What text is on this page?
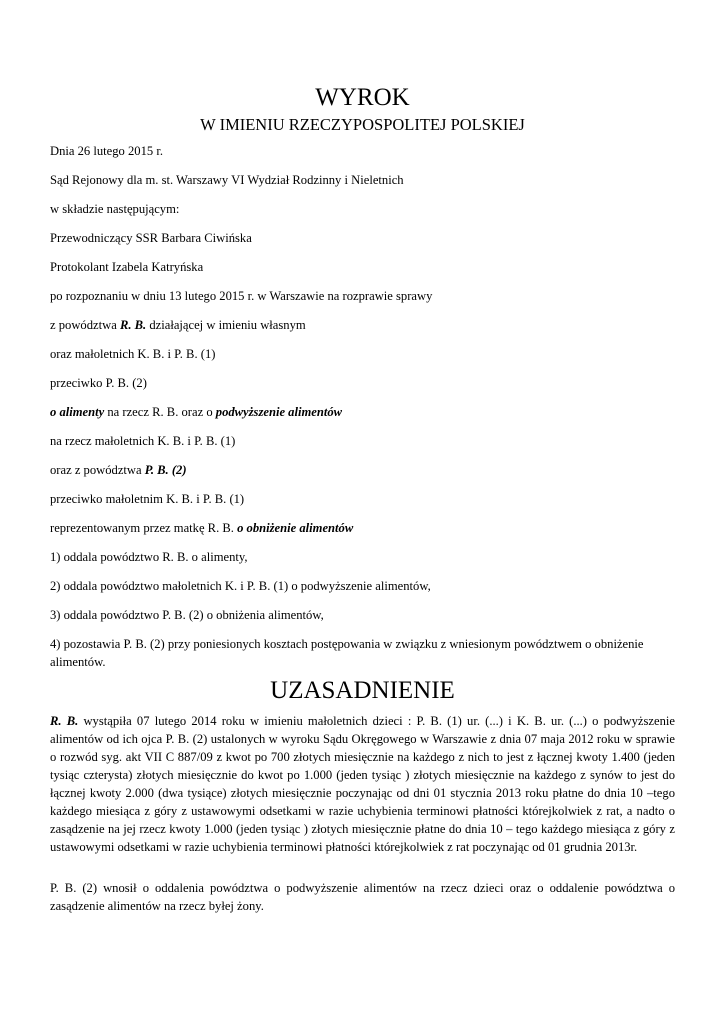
WYROK
W IMIENIU RZECZYPOSPOLITEJ POLSKIEJ

Dnia 26 lutego 2015 r.

Sąd Rejonowy dla m. st. Warszawy VI Wydział Rodzinny i Nieletnich

w składzie następującym:

Przewodniczący SSR Barbara Ciwińska

Protokolant Izabela Katryńska

po rozpoznaniu w dniu 13 lutego 2015 r. w Warszawie na rozprawie sprawy

z powództwa R. B. działającej w imieniu własnym

oraz małoletnich K. B. i P. B. (1)

przeciwko P. B. (2)

o alimenty na rzecz R. B. oraz o podwyższenie alimentów

na rzecz małoletnich K. B. i P. B. (1)

oraz z powództwa P. B. (2)

przeciwko małoletnim K. B. i P. B. (1)

reprezentowanym przez matkę R. B. o obniżenie alimentów

1) oddala powództwo R. B. o alimenty,

2) oddala powództwo małoletnich K. i P. B. (1) o podwyższenie alimentów,

3) oddala powództwo P. B. (2) o obniżenia alimentów,

4) pozostawia P. B. (2) przy poniesionych kosztach postępowania w związku z wniesionym powództwem o obniżenie alimentów.

UZASADNIENIE

R. B. wystąpiła 07 lutego 2014 roku w imieniu małoletnich dzieci : P. B. (1) ur. (...) i K. B. ur. (...) o podwyższenie alimentów od ich ojca P. B. (2) ustalonych w wyroku Sądu Okręgowego w Warszawie z dnia 07 maja 2012 roku w sprawie o rozwód syg. akt VII C 887/09 z kwot po 700 złotych miesięcznie na każdego z nich to jest z łącznej kwoty 1.400 (jeden tysiąc czterysta) złotych miesięcznie do kwot po 1.000 (jeden tysiąc ) złotych miesięcznie na każdego z synów to jest do łącznej kwoty 2.000 (dwa tysiące) złotych miesięcznie poczynając od dni 01 stycznia 2013 roku płatne do dnia 10 –tego każdego miesiąca z góry z ustawowymi odsetkami w razie uchybienia terminowi płatności którejkolwiek z rat, a nadto o zasądzenie na jej rzecz kwoty 1.000 (jeden tysiąc ) złotych miesięcznie płatne do dnia 10 – tego każdego miesiąca z góry z ustawowymi odsetkami w razie uchybienia terminowi płatności którejkolwiek z rat poczynając od 01 grudnia 2013r.

P. B. (2) wnosił o oddalenia powództwa o podwyższenie alimentów na rzecz dzieci oraz o oddalenie powództwa o zasądzenie alimentów na rzecz byłej żony.
